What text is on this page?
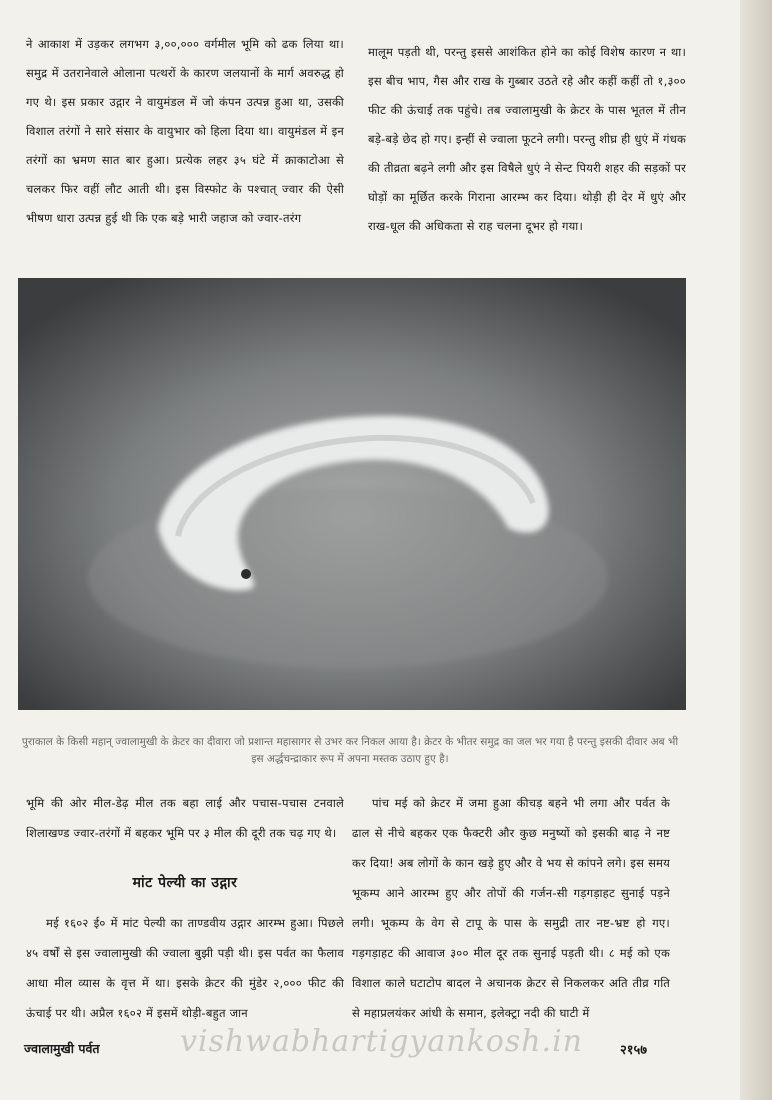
ने आकाश में उड़कर लगभग ३,००,००० वर्गमील भूमि को ढक लिया था। समुद्र में उतरानेवाले ओलाना पत्थरों के कारण जलयानों के मार्ग अवरुद्ध हो गए थे। इस प्रकार उद्गार ने वायुमंडल में जो कंपन उत्पन्न हुआ था, उसकी विशाल तरंगों ने सारे संसार के वायुभार को हिला दिया था। वायुमंडल में इन तरंगों का भ्रमण सात बार हुआ। प्रत्येक लहर ३५ घंटे में क्राकाटोआ से चलकर फिर वहीं लौट आती थी। इस विस्फोट के पश्चात् ज्वार की ऐसी भीषण धारा उत्पन्न हुई थी कि एक बड़े भारी जहाज को ज्वार-तरंग

मालूम पड़ती थी, परन्तु इससे आशंकित होने का कोई विशेष कारण न था। इस बीच भाप, गैस और राख के गुब्बार उठते रहे और कहीं कहीं तो १,३०० फीट की ऊंचाई तक पहुंचे। तब ज्वालामुखी के क्रेटर के पास भूतल में तीन बड़े-बड़े छेद हो गए। इन्हीं से ज्वाला फूटने लगी। परन्तु शीघ्र ही धुएं में गंधक की तीव्रता बढ़ने लगी और इस विषैले धुएं ने सेन्ट पियरी शहर की सड़कों पर घोड़ों का मूर्छित करके गिराना आरम्भ कर दिया। थोड़ी ही देर में धुएं और राख-धूल की अधिकता से राह चलना दूभर हो गया।

पुराकाल के किसी महान् ज्वालामुखी के क्रेटर का दीवारा जो प्रशान्त महासागर से उभर कर निकल आया है। क्रेटर के भीतर समुद्र का जल भर गया है परन्तु इसकी दीवार अब भी इस अर्द्धचन्द्राकार रूप में अपना मस्तक उठाए हुए है।

भूमि की ओर मील-डेढ़ मील तक बहा लाई और पचास-पचास टनवाले शिलाखण्ड ज्वार-तरंगों में बहकर भूमि पर ३ मील की दूरी तक चढ़ गए थे।

मांट पेल्यी का उद्गार

मई १६०२ ई० में मांट पेल्यी का ताण्डवीय उद्गार आरम्भ हुआ। पिछले ४५ वर्षों से इस ज्वालामुखी की ज्वाला बुझी पड़ी थी। इस पर्वत का फैलाव आधा मील व्यास के वृत्त में था। इसके क्रेटर की मुंडेर २,००० फीट की ऊंचाई पर थी। अप्रैल १६०२ में इसमें थोड़ी-बहुत जान

पांच मई को क्रेटर में जमा हुआ कीचड़ बहने भी लगा और पर्वत के ढाल से नीचे बहकर एक फैक्टरी और कुछ मनुष्यों को इसकी बाढ़ ने नष्ट कर दिया! अब लोगों के कान खड़े हुए और वे भय से कांपने लगे। इस समय भूकम्प आने आरम्भ हुए और तोपों की गर्जन-सी गड़गड़ाहट सुनाई पड़ने लगी। भूकम्प के वेग से टापू के पास के समुद्री तार नष्ट-भ्रष्ट हो गए। गड़गड़ाहट की आवाज ३०० मील दूर तक सुनाई पड़ती थी। ८ मई को एक विशाल काले घटाटोप बादल ने अचानक क्रेटर से निकलकर अति तीव्र गति से महाप्रलयंकर आंधी के समान, इलेक्ट्रा नदी की घाटी में

vishwabhartigyankosh.in
ज्वालामुखी पर्वत	२१५७
